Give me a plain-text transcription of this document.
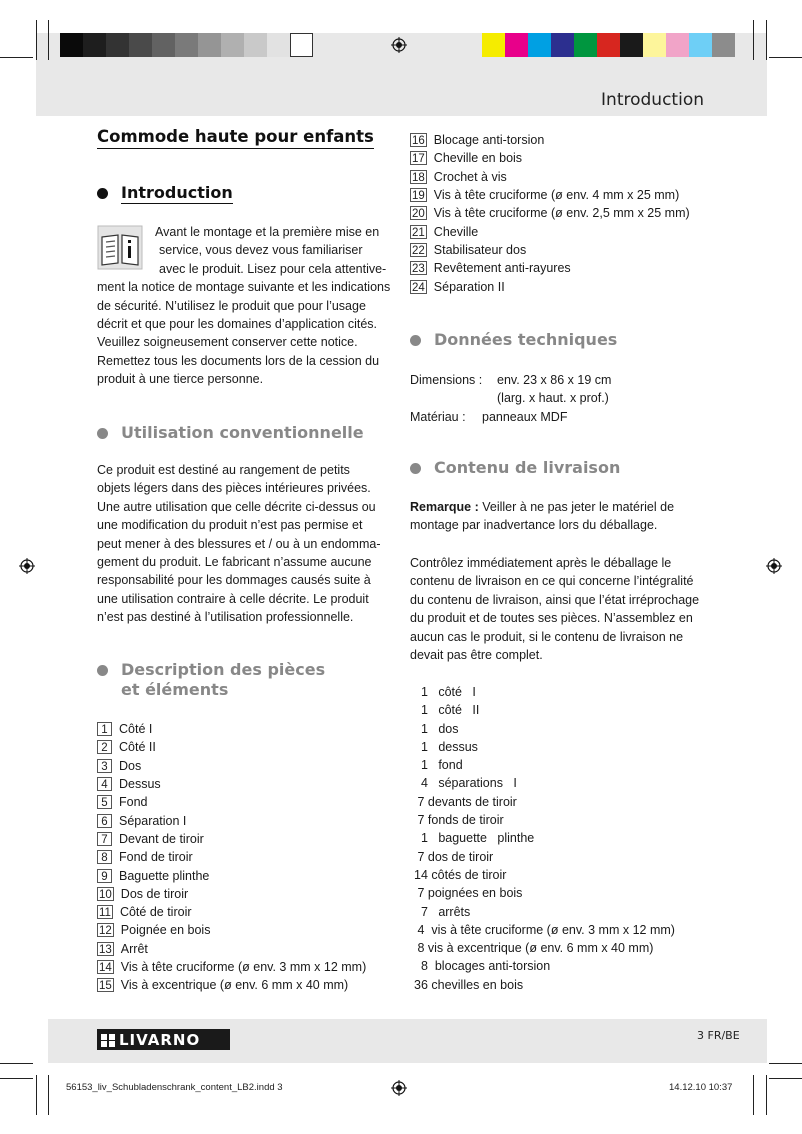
Introduction
Commode haute pour enfants
Introduction

Avant le montage et la première mise en

service, vous devez vous familiariser

avec le produit. Lisez pour cela attentive-

ment la notice de montage suivante et les indications

de sécurité. N’utilisez le produit que pour l’usage

décrit et que pour les domaines d’application cités.

Veuillez soigneusement conserver cette notice.

Remettez tous les documents lors de la cession du

produit à une tierce personne.

Utilisation conventionnelle

Ce produit est destiné au rangement de petits

objets légers dans des pièces intérieures privées.

Une autre utilisation que celle décrite ci-dessus ou

une modification du produit n’est pas permise et

peut mener à des blessures et / ou à un endomma-

gement du produit. Le fabricant n’assume aucune

responsabilité pour les dommages causés suite à

une utilisation contraire à celle décrite. Le produit

n’est pas destiné à l’utilisation professionnelle.

Description des pièces
et éléments
1 Côté I
2 Côté II
3 Dos
4 Dessus
5 Fond
6 Séparation I
7 Devant de tiroir
8 Fond de tiroir
9 Baguette plinthe
10 Dos de tiroir
11 Côté de tiroir
12 Poignée en bois
13 Arrêt
14 Vis à tête cruciforme (ø env. 3 mm x 12 mm)
15 Vis à excentrique (ø env. 6 mm x 40 mm)
16 Blocage anti-torsion
17 Cheville en bois
18 Crochet à vis
19 Vis à tête cruciforme (ø env. 4 mm x 25 mm)
20 Vis à tête cruciforme (ø env. 2,5 mm x 25 mm)
21 Cheville
22 Stabilisateur dos
23 Revêtement anti-rayures
24 Séparation II
Données techniques
Dimensions :	env. 23 x 86 x 19 cm
(larg. x haut. x prof.)
Matériau :	panneaux MDF
Contenu de livraison

Remarque : Veiller à ne pas jeter le matériel de

montage par inadvertance lors du déballage.

Contrôlez immédiatement après le déballage le

contenu de livraison en ce qui concerne l’intégralité

du contenu de livraison, ainsi que l’état irréprochage

du produit et de toutes ses pièces. N’assemblez en

aucun cas le produit, si le contenu de livraison ne

devait pas être complet.

1   côté   I
1   côté   II
1   dos
1   dessus
1   fond
4   séparations   I
7 devants de tiroir
7 fonds de tiroir
1   baguette   plinthe
7 dos de tiroir
14 côtés de tiroir
7 poignées en bois
7   arrêts
4  vis à tête cruciforme (ø env. 3 mm x 12 mm)
8 vis à excentrique (ø env. 6 mm x 40 mm)
8  blocages anti-torsion
36 chevilles en bois
LIVARNO	3 FR/BE
56153_liv_Schubladenschrank_content_LB2.indd 3	14.12.10 10:37
